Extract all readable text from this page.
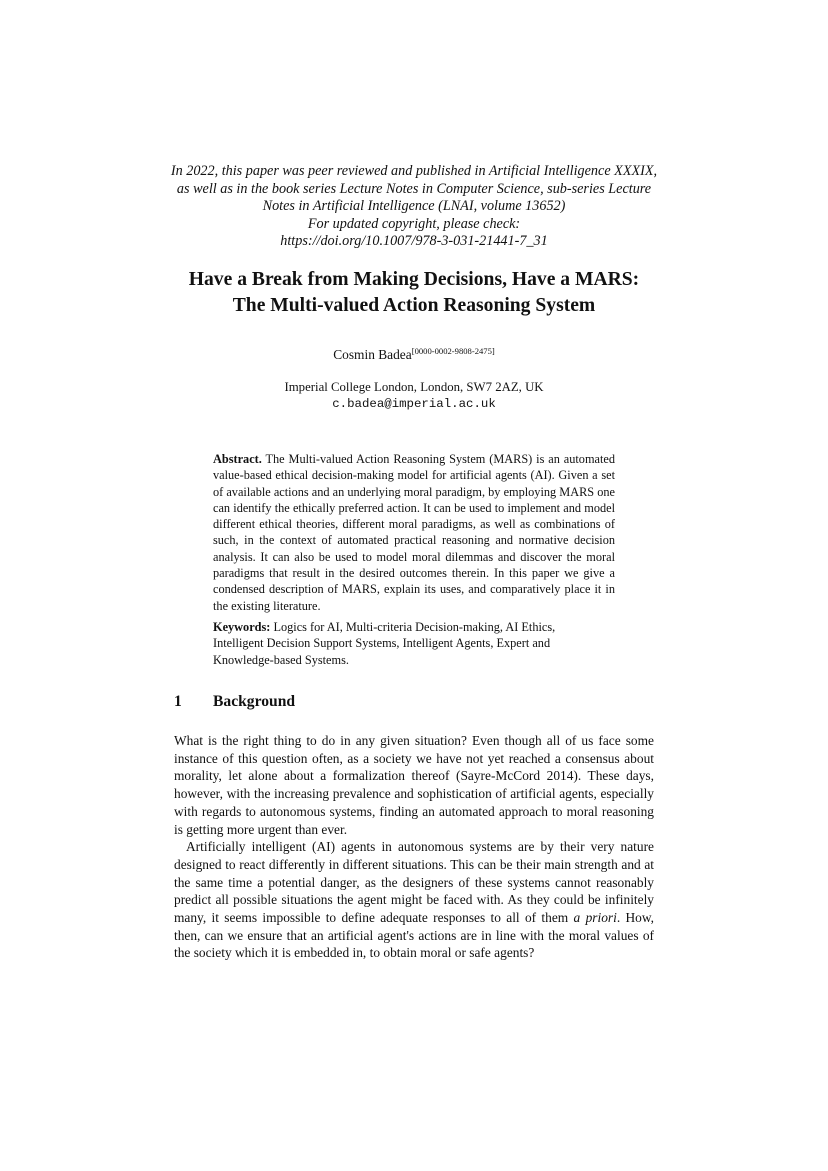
In 2022, this paper was peer reviewed and published in Artificial Intelligence XXXIX,
as well as in the book series Lecture Notes in Computer Science, sub-series Lecture
Notes in Artificial Intelligence (LNAI, volume 13652)
For updated copyright, please check:
https://doi.org/10.1007/978-3-031-21441-7_31
Have a Break from Making Decisions, Have a MARS:
The Multi-valued Action Reasoning System
Cosmin Badea[0000-0002-9808-2475]
Imperial College London, London, SW7 2AZ, UK
c.badea@imperial.ac.uk

Abstract. The Multi-valued Action Reasoning System (MARS) is an automated value-based ethical decision-making model for artificial agents (AI). Given a set of available actions and an underlying moral paradigm, by employing MARS one can identify the ethically preferred action. It can be used to implement and model different ethical theories, different moral paradigms, as well as combinations of such, in the context of automated practical reasoning and normative decision analysis. It can also be used to model moral dilemmas and discover the moral paradigms that result in the desired outcomes therein. In this paper we give a condensed description of MARS, explain its uses, and comparatively place it in the existing literature.

Keywords: Logics for AI, Multi-criteria Decision-making, AI Ethics, Intelligent Decision Support Systems, Intelligent Agents, Expert and Knowledge-based Systems.

1 Background

What is the right thing to do in any given situation? Even though all of us face some instance of this question often, as a society we have not yet reached a consensus about morality, let alone about a formalization thereof (Sayre-McCord 2014). These days, however, with the increasing prevalence and sophistication of artificial agents, especially with regards to autonomous systems, finding an automated approach to moral reasoning is getting more urgent than ever.

Artificially intelligent (AI) agents in autonomous systems are by their very nature designed to react differently in different situations. This can be their main strength and at the same time a potential danger, as the designers of these systems cannot reasonably predict all possible situations the agent might be faced with. As they could be infinitely many, it seems impossible to define adequate responses to all of them a priori. How, then, can we ensure that an artificial agent's actions are in line with the moral values of the society which it is embedded in, to obtain moral or safe agents?
